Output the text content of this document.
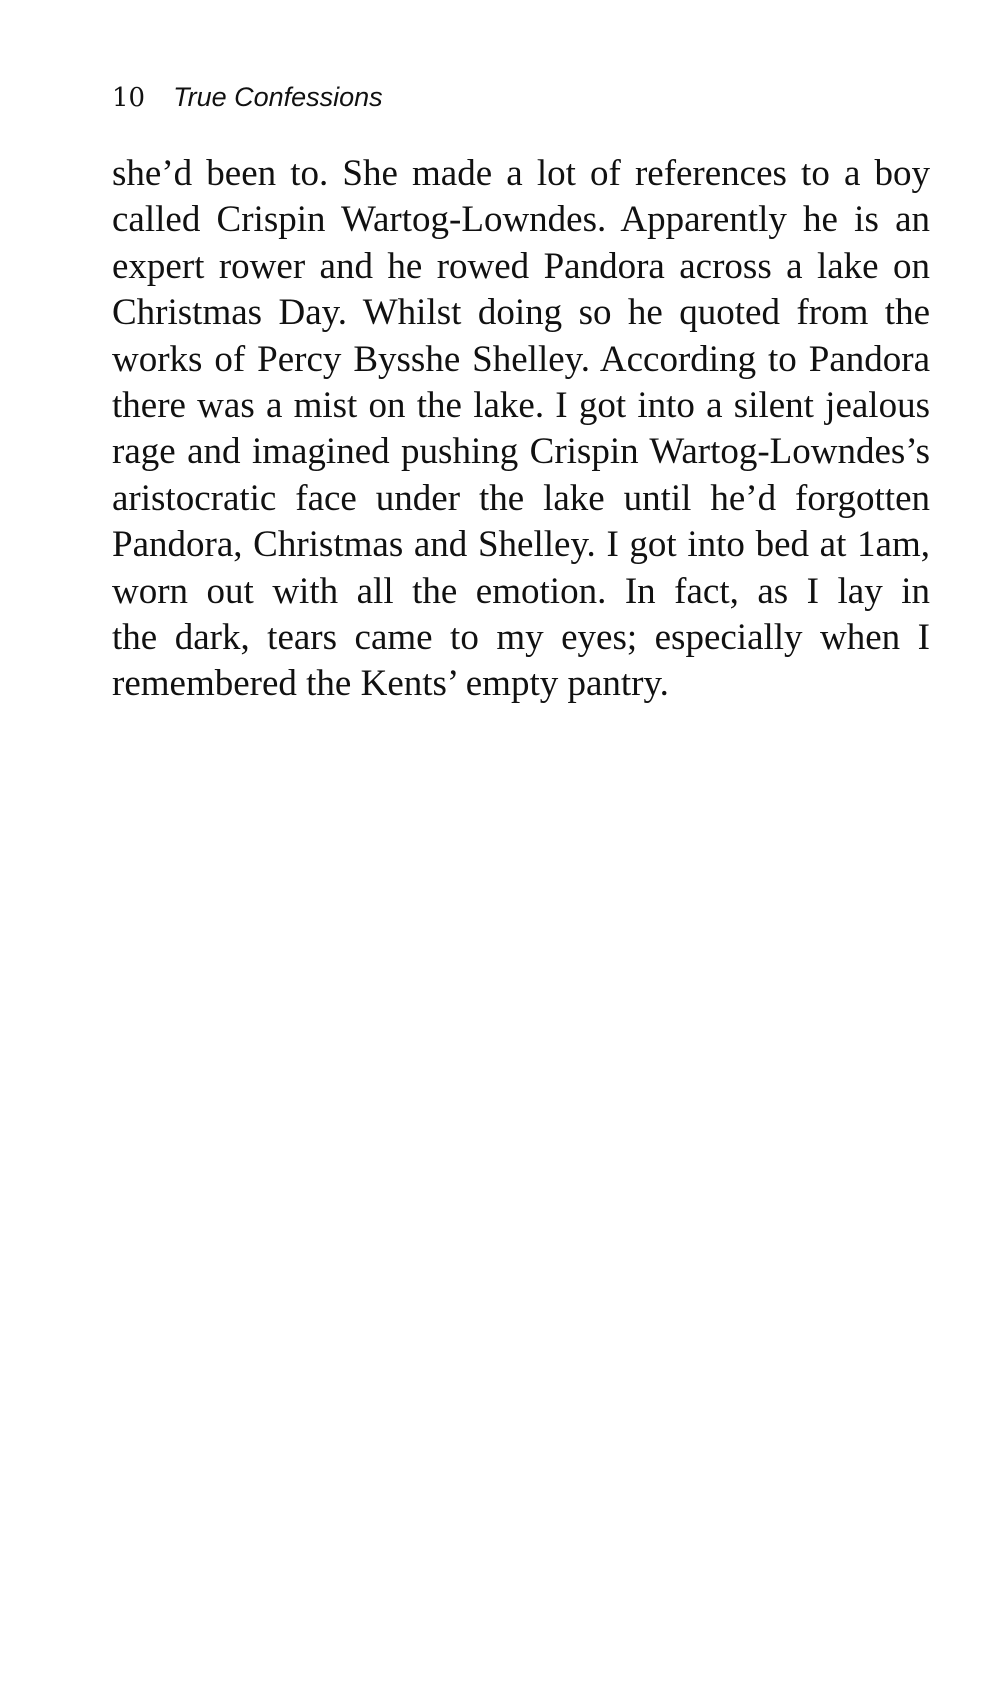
10 True Confessions
she’d been to. She made a lot of references to a boy
called Crispin Wartog-Lowndes. Apparently he is an
expert rower and he rowed Pandora across a lake on
Christmas Day. Whilst doing so he quoted from the
works of Percy Bysshe Shelley. According to Pandora
there was a mist on the lake. I got into a silent jealous
rage and imagined pushing Crispin Wartog-Lowndes’s
aristocratic face under the lake until he’d forgotten
Pandora, Christmas and Shelley. I got into bed at 1am,
worn out with all the emotion. In fact, as I lay in
the dark, tears came to my eyes; especially when I
remembered the Kents’ empty pantry.
